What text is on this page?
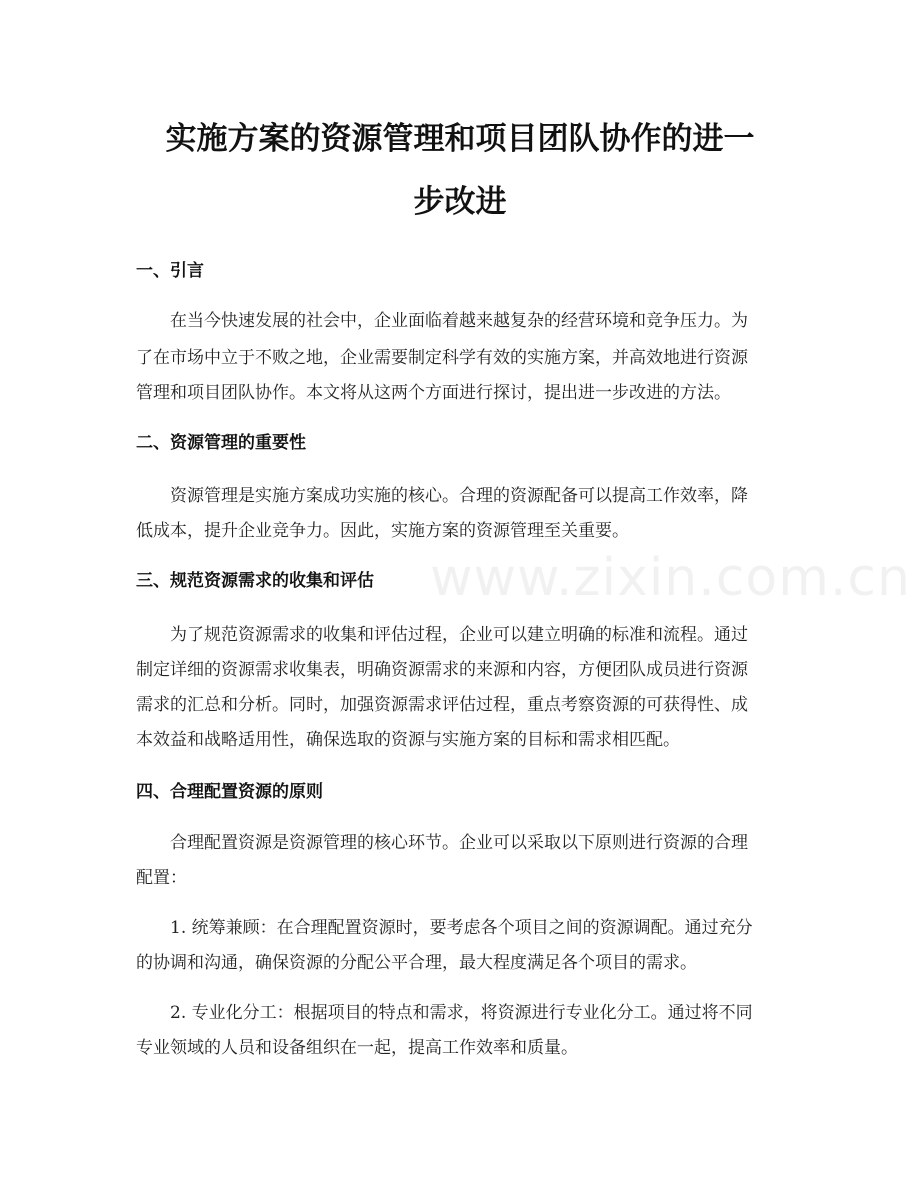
实施方案的资源管理和项目团队协作的进一
步改进
www.zixin.com.cn
一、引言

在当今快速发展的社会中，企业面临着越来越复杂的经营环境和竞争压力。为

了在市场中立于不败之地，企业需要制定科学有效的实施方案，并高效地进行资源

管理和项目团队协作。本文将从这两个方面进行探讨，提出进一步改进的方法。

二、资源管理的重要性

资源管理是实施方案成功实施的核心。合理的资源配备可以提高工作效率，降

低成本，提升企业竞争力。因此，实施方案的资源管理至关重要。

三、规范资源需求的收集和评估

为了规范资源需求的收集和评估过程，企业可以建立明确的标准和流程。通过

制定详细的资源需求收集表，明确资源需求的来源和内容，方便团队成员进行资源

需求的汇总和分析。同时，加强资源需求评估过程，重点考察资源的可获得性、成

本效益和战略适用性，确保选取的资源与实施方案的目标和需求相匹配。

四、合理配置资源的原则

合理配置资源是资源管理的核心环节。企业可以采取以下原则进行资源的合理

配置：

1. 统筹兼顾：在合理配置资源时，要考虑各个项目之间的资源调配。通过充分

的协调和沟通，确保资源的分配公平合理，最大程度满足各个项目的需求。

2. 专业化分工：根据项目的特点和需求，将资源进行专业化分工。通过将不同

专业领域的人员和设备组织在一起，提高工作效率和质量。
